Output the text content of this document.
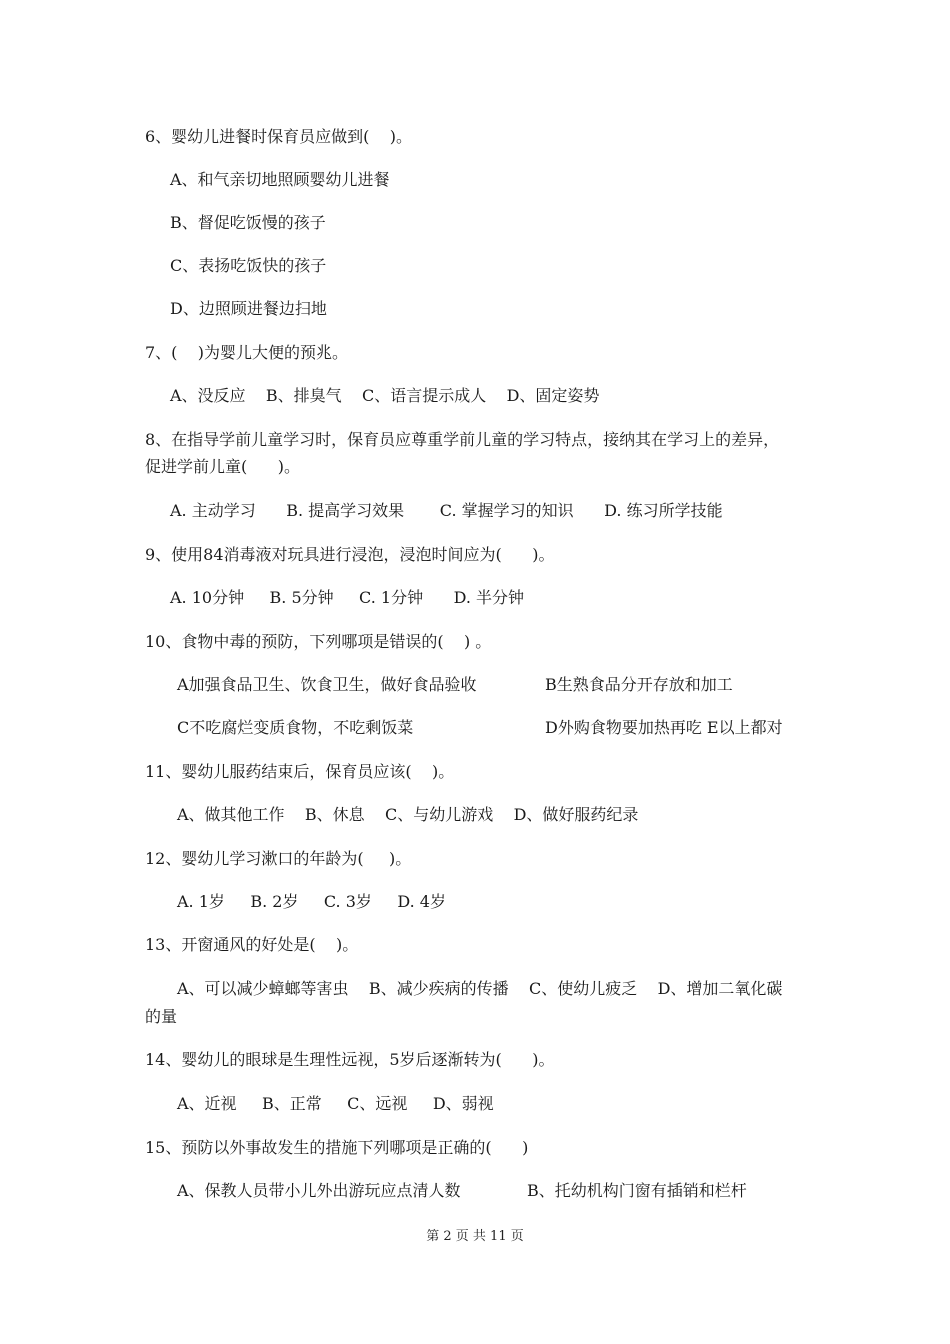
6、婴幼儿进餐时保育员应做到(    )。
A、和气亲切地照顾婴幼儿进餐
B、督促吃饭慢的孩子
C、表扬吃饭快的孩子
D、边照顾进餐边扫地
7、(    )为婴儿大便的预兆。
A、没反应    B、排臭气    C、语言提示成人    D、固定姿势
8、在指导学前儿童学习时，保育员应尊重学前儿童的学习特点，接纳其在学习上的差异，
促进学前儿童(      )。
A. 主动学习      B. 提高学习效果       C. 掌握学习的知识      D. 练习所学技能
9、使用84消毒液对玩具进行浸泡，浸泡时间应为(      )。
A. 10分钟     B. 5分钟     C. 1分钟      D. 半分钟
10、食物中毒的预防，下列哪项是错误的(    ) 。
A加强食品卫生、饮食卫生，做好食品验收	B生熟食品分开存放和加工
C不吃腐烂变质食物，不吃剩饭菜	D外购食物要加热再吃 E以上都对
11、婴幼儿服药结束后，保育员应该(    )。
A、做其他工作    B、休息    C、与幼儿游戏    D、做好服药纪录
12、婴幼儿学习漱口的年龄为(     )。
A. 1岁     B. 2岁     C. 3岁     D. 4岁
13、开窗通风的好处是(    )。
A、可以减少蟑螂等害虫    B、减少疾病的传播    C、使幼儿疲乏    D、增加二氧化碳
的量
14、婴幼儿的眼球是生理性远视，5岁后逐渐转为(      )。
A、近视     B、正常     C、远视     D、弱视
15、预防以外事故发生的措施下列哪项是正确的(      )
A、保教人员带小儿外出游玩应点清人数	B、托幼机构门窗有插销和栏杆
第 2 页 共 11 页
